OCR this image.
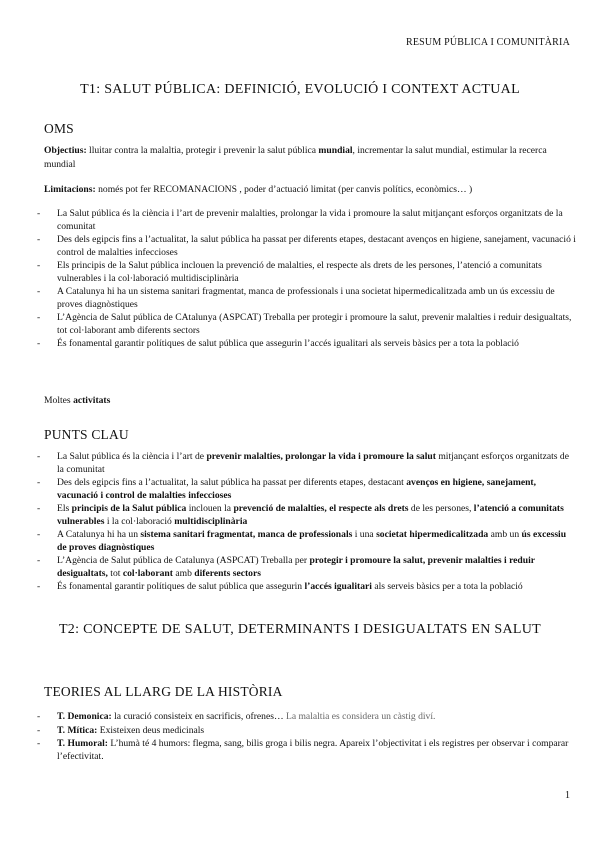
RESUM PÚBLICA I COMUNITÀRIA
T1: SALUT PÚBLICA: DEFINICIÓ, EVOLUCIÓ I CONTEXT ACTUAL
OMS

Objectius: lluitar contra la malaltia, protegir i prevenir la salut pública mundial, incrementar la salut mundial, estimular la recerca mundial

Limitacions: només pot fer RECOMANACIONS , poder d’actuació limitat (per canvis polítics, econòmics… )

- La Salut pública és la ciència i l’art de prevenir malalties, prolongar la vida i promoure la salut mitjançant esforços organitzats de la comunitat
- Des dels egipcis fins a l’actualitat, la salut pública ha passat per diferents etapes, destacant avenços en higiene, sanejament, vacunació i control de malalties infeccioses
- Els principis de la Salut pública inclouen la prevenció de malalties, el respecte als drets de les persones, l’atenció a comunitats vulnerables i la col·laboració multidisciplinària
- A Catalunya hi ha un sistema sanitari fragmentat, manca de professionals i una societat hipermedicalitzada amb un ús excessiu de proves diagnòstiques
- L’Agència de Salut pública de CAtalunya (ASPCAT) Treballa per protegir i promoure la salut, prevenir malalties i reduir desigualtats, tot col·laborant amb diferents sectors
- És fonamental garantir polítiques de salut pública que assegurin l’accés igualitari als serveis bàsics per a tota la població

Moltes activitats

PUNTS CLAU
- La Salut pública és la ciència i l’art de prevenir malalties, prolongar la vida i promoure la salut mitjançant esforços organitzats de la comunitat
- Des dels egipcis fins a l’actualitat, la salut pública ha passat per diferents etapes, destacant avenços en higiene, sanejament, vacunació i control de malalties infeccioses
- Els principis de la Salut pública inclouen la prevenció de malalties, el respecte als drets de les persones, l’atenció a comunitats vulnerables i la col·laboració multidisciplinària
- A Catalunya hi ha un sistema sanitari fragmentat, manca de professionals i una societat hipermedicalitzada amb un ús excessiu de proves diagnòstiques
- L’Agència de Salut pública de Catalunya (ASPCAT) Treballa per protegir i promoure la salut, prevenir malalties i reduir desigualtats, tot col·laborant amb diferents sectors
- És fonamental garantir polítiques de salut pública que assegurin l’accés igualitari als serveis bàsics per a tota la població
T2: CONCEPTE DE SALUT, DETERMINANTS I DESIGUALTATS EN SALUT
TEORIES AL LLARG DE LA HISTÒRIA
- T. Demonica: la curació consisteix en sacrificis, ofrenes… La malaltia es considera un càstig diví.
- T. Mítica: Existeixen deus medicinals
- T. Humoral: L’humà té 4 humors: flegma, sang, bilis groga i bilis negra. Apareix l’objectivitat i els registres per observar i comparar l’efectivitat.
1
